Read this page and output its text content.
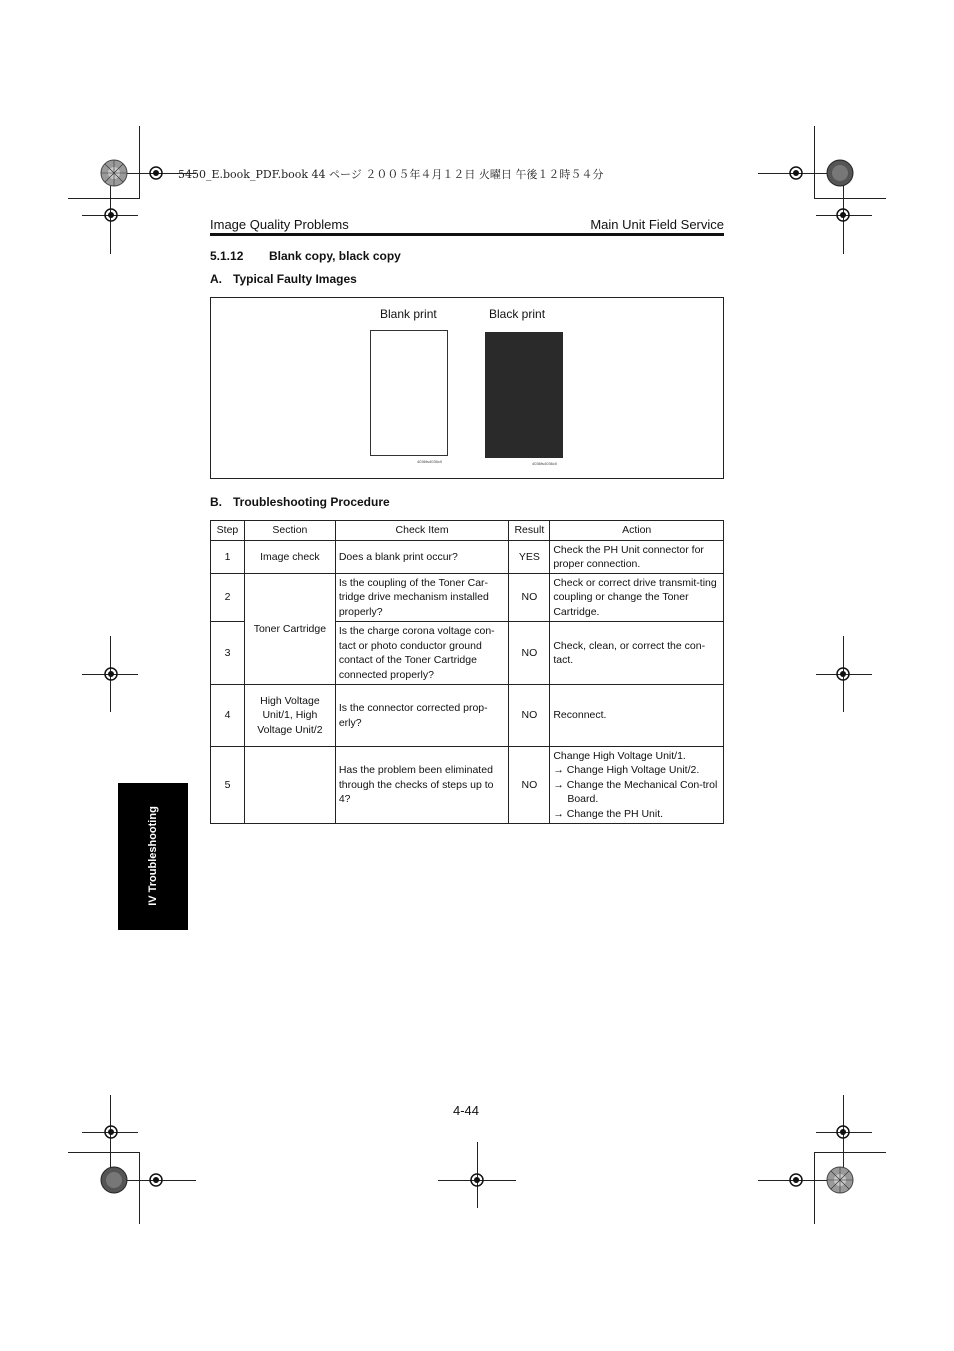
5450_E.book_PDF.book 44 ページ ２００５年４月１２日 火曜日 午後１２時５４分
Image Quality Problems	Main Unit Field Service
5.1.12 Blank copy, black copy
A. Typical Faulty Images
Blank print	Black print
4036fs4035c0	4036fs4036c0
B. Troubleshooting Procedure
Step	Section	Check Item	Result	Action
1	Image check	Does a blank print occur?	YES	Check the PH Unit connector for proper connection.
2	Toner Cartridge	Is the coupling of the Toner Car-tridge drive mechanism installed properly?	NO	Check or correct drive transmit-ting coupling or change the Toner Cartridge.
3		Is the charge corona voltage con-tact or photo conductor ground contact of the Toner Cartridge connected properly?	NO	Check, clean, or correct the con-tact.
4	High Voltage Unit/1, High Voltage Unit/2	Is the connector corrected prop-erly?	NO	Reconnect.
5		Has the problem been eliminated through the checks of steps up to 4?	NO	Change High Voltage Unit/1.
→ Change High Voltage Unit/2.
→ Change the Mechanical Con-trol Board.
→ Change the PH Unit.
IV Troubleshooting
4-44
